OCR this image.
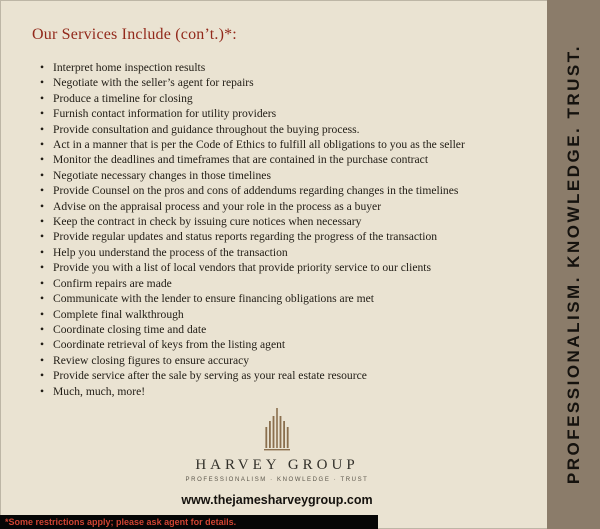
PROFESSIONALISM. KNOWLEDGE. TRUST.
Our Services Include (con’t.)*:
• Interpret home inspection results
• Negotiate with the seller’s agent for repairs
• Produce a timeline for closing
• Furnish contact information for utility providers
• Provide consultation and guidance throughout the buying process.
• Act in a manner that is per the Code of Ethics to fulfill all obligations to you as the seller
• Monitor the deadlines and timeframes that are contained in the purchase contract
• Negotiate necessary changes in those timelines
• Provide Counsel on the pros and cons of addendums regarding changes in the timelines
• Advise on the appraisal process and your role in the process as a buyer
• Keep the contract in check by issuing cure notices when necessary
• Provide regular updates and status reports regarding the progress of the transaction
• Help you understand the process of the transaction
• Provide you with a list of local vendors that provide priority service to our clients
• Confirm repairs are made
• Communicate with the lender to ensure financing obligations are met
• Complete final walkthrough
• Coordinate closing time and date
• Coordinate retrieval of keys from the listing agent
• Review closing figures to ensure accuracy
• Provide service after the sale by serving as your real estate resource
• Much, much, more!
HARVEY GROUP
PROFESSIONALISM · KNOWLEDGE · TRUST
www.thejamesharveygroup.com
*Some restrictions apply; please ask agent for details.
